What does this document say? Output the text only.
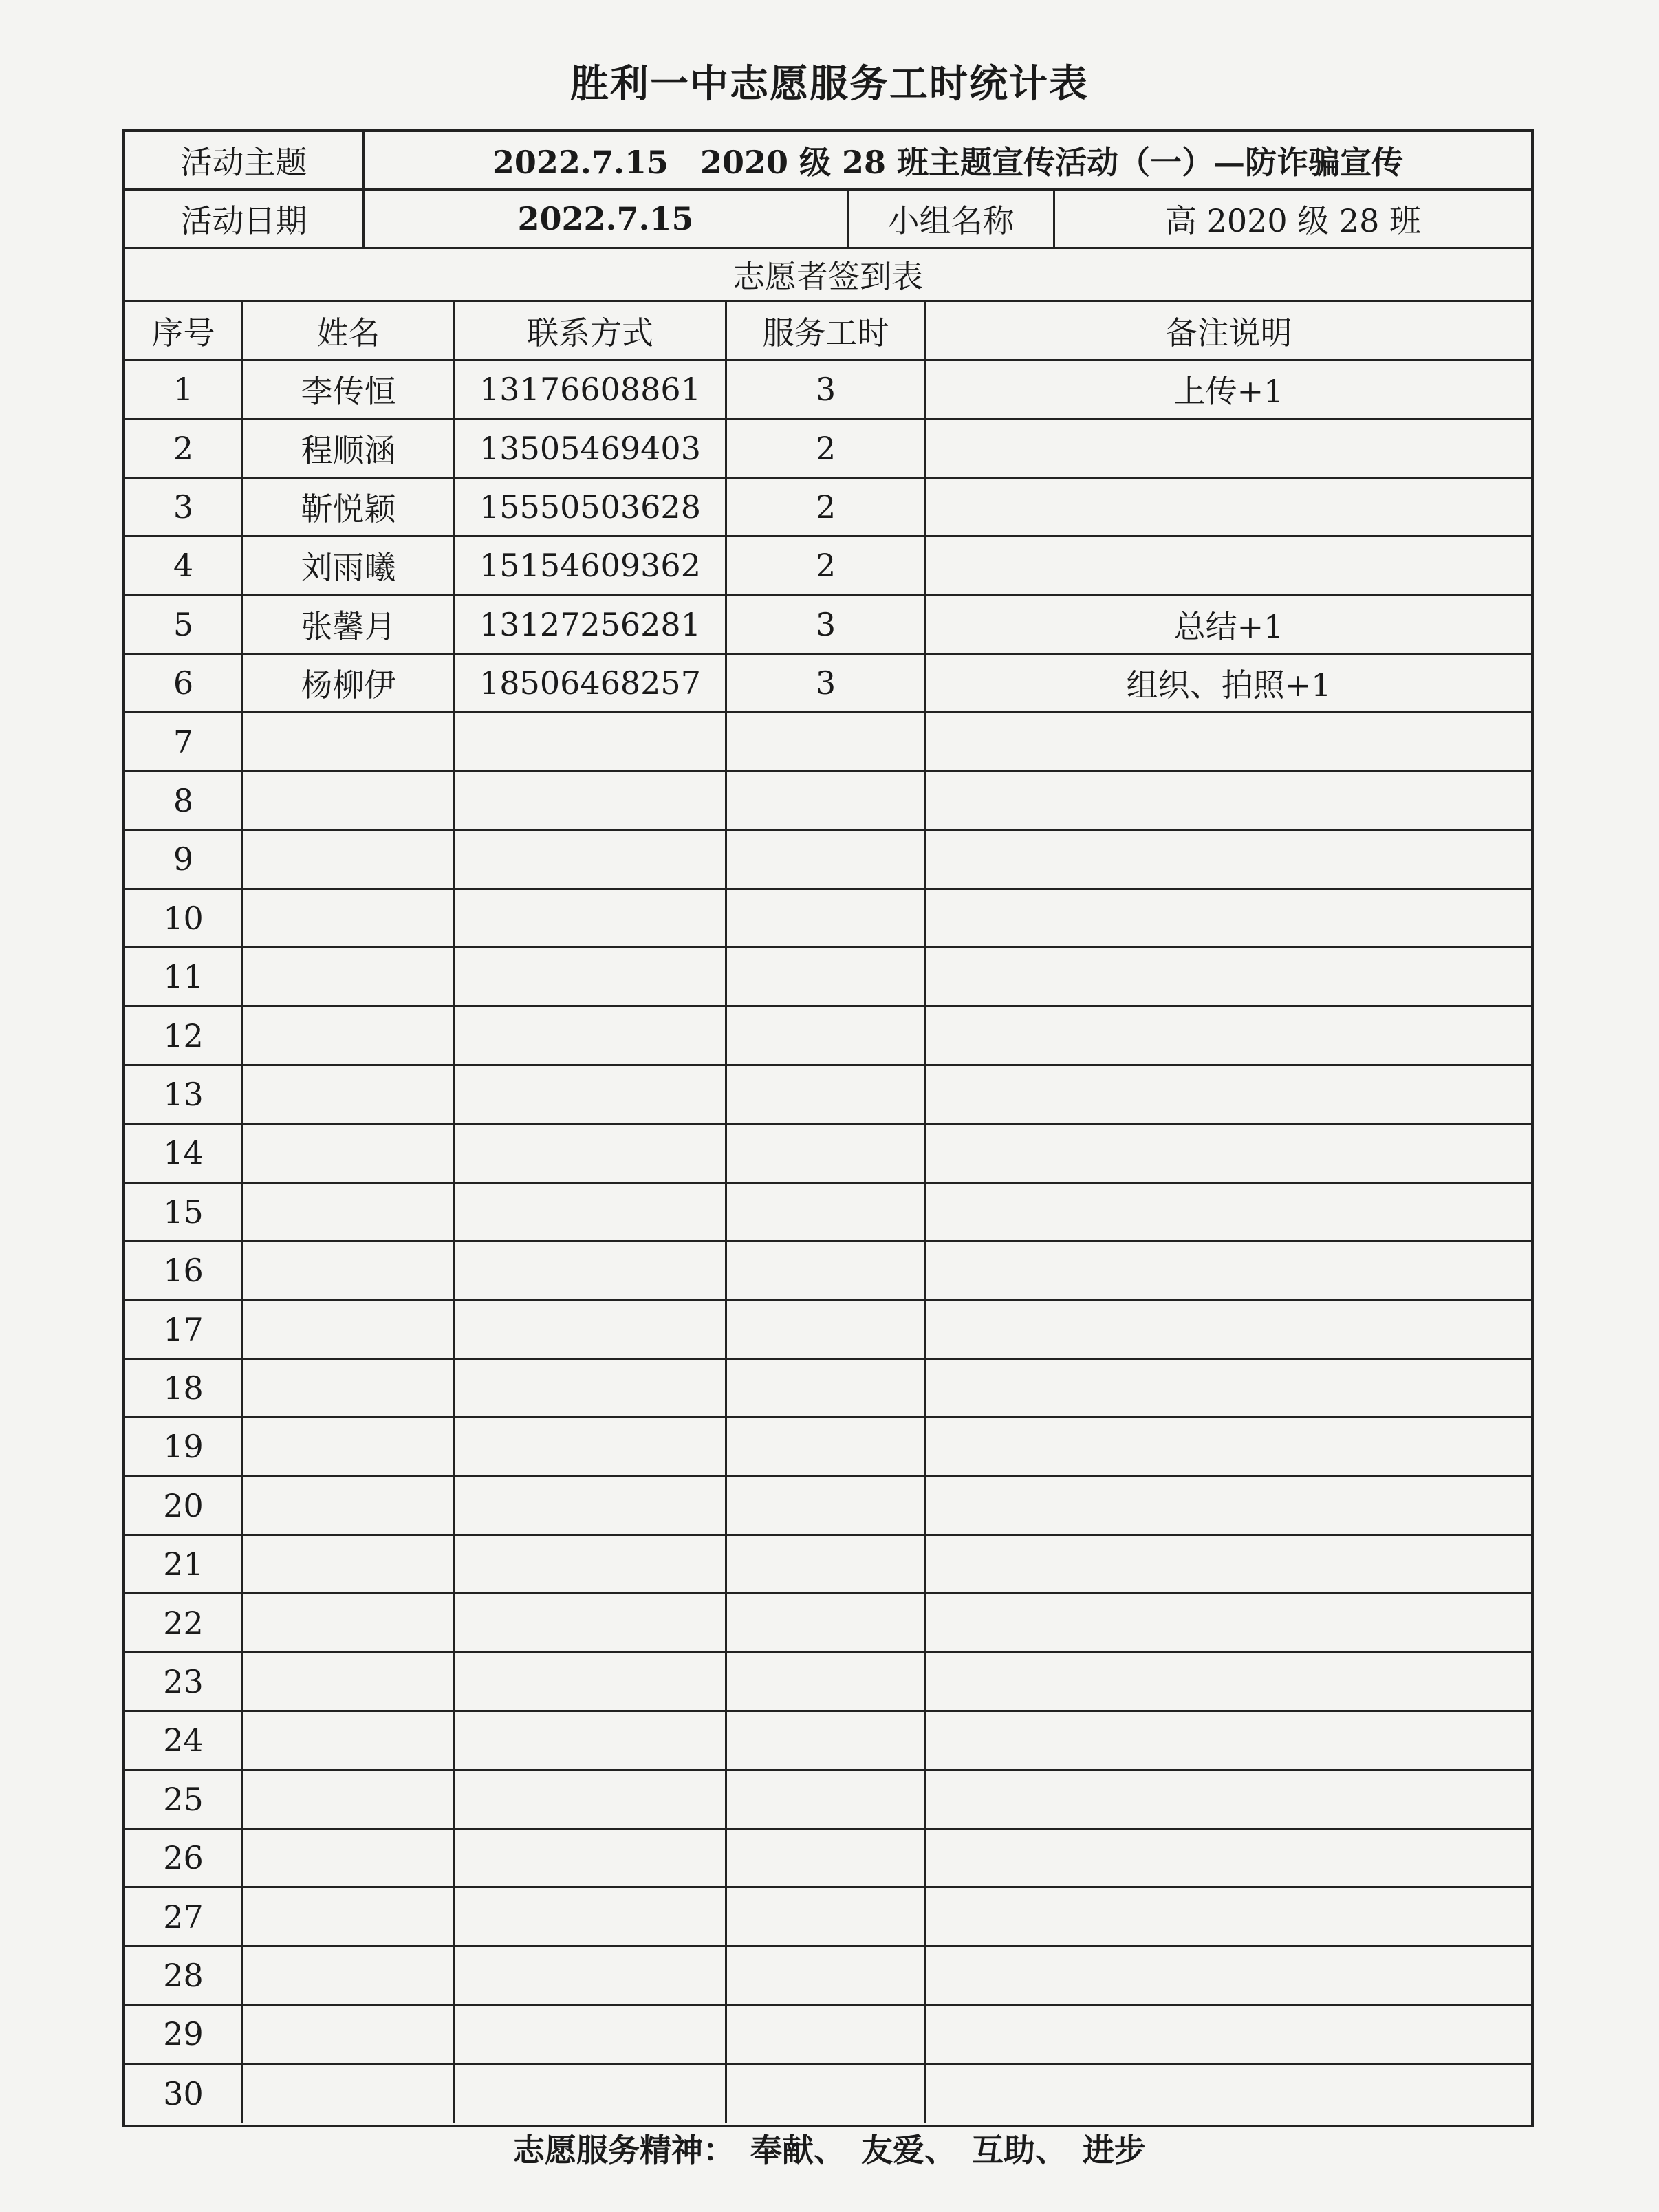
胜利一中志愿服务工时统计表
活动主题	2022.7.15　2020 级 28 班主题宣传活动（一）—防诈骗宣传
活动日期	2022.7.15	小组名称	高 2020 级 28 班
志愿者签到表
序号	姓名	联系方式	服务工时	备注说明
1	李传恒	13176608861	3	上传+1
2	程顺涵	13505469403	2
3	靳悦颖	15550503628	2
4	刘雨曦	15154609362	2
5	张馨月	13127256281	3	总结+1
6	杨柳伊	18506468257	3	组织、拍照+1
7
8
9
10
11
12
13
14
15
16
17
18
19
20
21
22
23
24
25
26
27
28
29
30
志愿服务精神：　奉献、　友爱、　互助、　进步
